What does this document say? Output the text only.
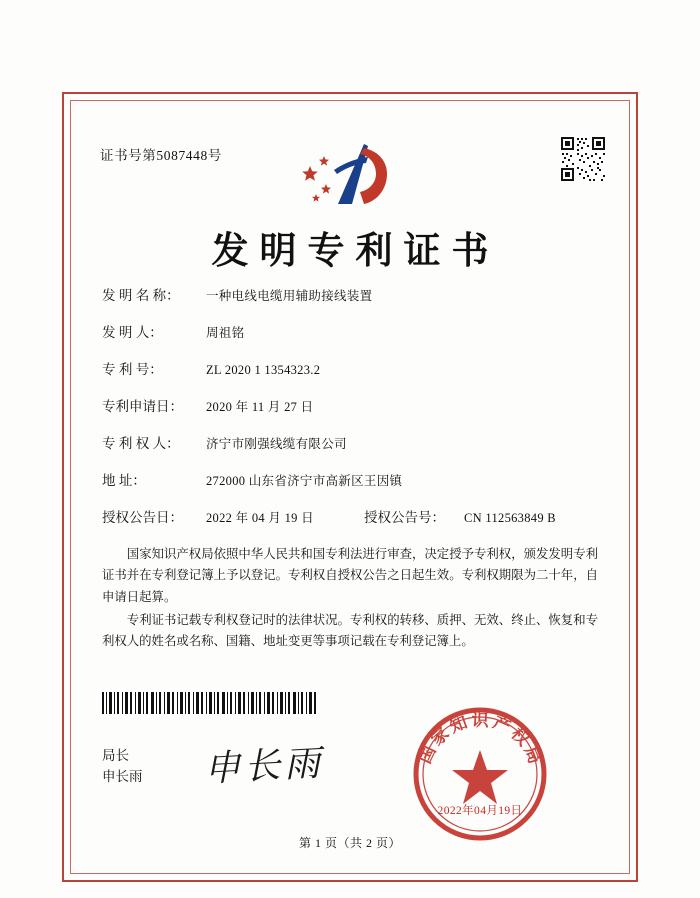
证书号第5087448号
发明专利证书
发 明 名 称：	一种电线电缆用辅助接线装置
发 明 人：	周祖铭
专 利 号：	ZL 2020 1 1354323.2
专利申请日：	2020 年 11 月 27 日
专 利 权 人：	济宁市刚强线缆有限公司
地 址：	272000 山东省济宁市高新区王因镇
授权公告日：	2022 年 04 月 19 日	授权公告号：	CN 112563849 B

国家知识产权局依照中华人民共和国专利法进行审查，决定授予专利权，颁发发明专利证书并在专利登记簿上予以登记。专利权自授权公告之日起生效。专利权期限为二十年，自申请日起算。

专利证书记载专利权登记时的法律状况。专利权的转移、质押、无效、终止、恢复和专利权人的姓名或名称、国籍、地址变更等事项记载在专利登记簿上。

局长
申长雨 申长雨	国家知识产权局
2022年04月19日
第 1 页（共 2 页）
